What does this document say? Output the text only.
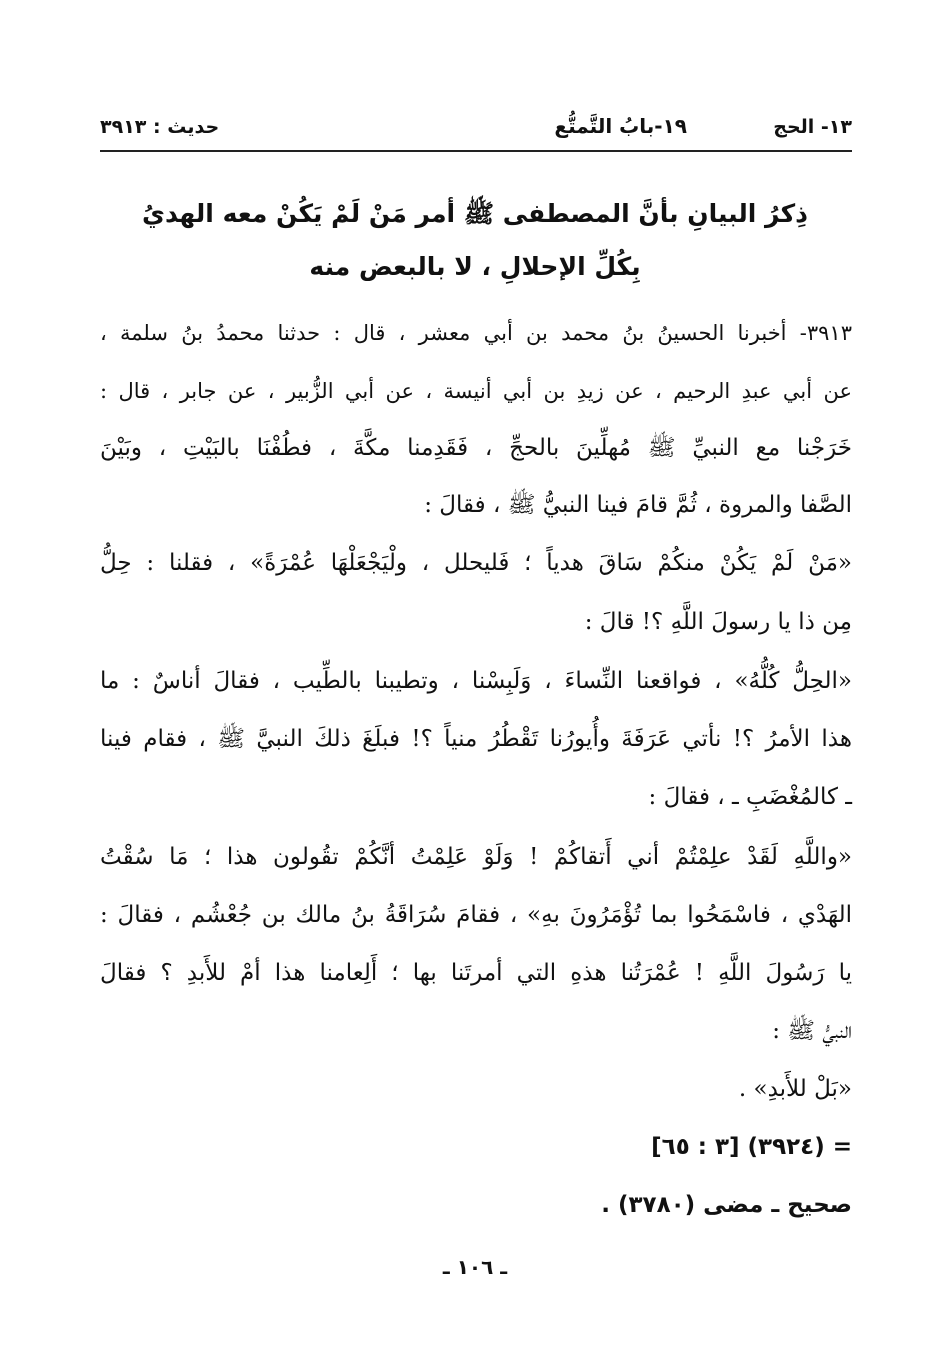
١٣- الحج
١٩-بابُ التَّمتُّع
حديث : ٣٩١٣
ذِكرُ البيانِ بأنَّ المصطفى ﷺ أمر مَنْ لَمْ يَكُنْ معه الهديُ
بِكُلِّ الإحلالِ ، لا بالبعض منه
٣٩١٣- أخبرنا الحسينُ بنُ محمد بن أبي معشر ، قال : حدثنا محمدُ بنُ سلمة ،
عن أبي عبدِ الرحيم ، عن زيدِ بن أبي أنيسة ، عن أبي الزُّبير ، عن جابر ، قال :
خَرَجْنا مع النبيِّ ﷺ مُهلِّينَ بالحجِّ ، فَقَدِمنا مكَّةَ ، فطُفْنَا بالبَيْتِ ، وبَيْنَ
الصَّفا والمروة ، ثُمَّ قامَ فينا النبيُّ ﷺ ، فقالَ :
«مَنْ لَمْ يَكُنْ منكُمْ سَاقَ هدياً ؛ فَليحلل ، ولْيَجْعَلْهَا عُمْرَةً» ، فقلنا : حِلُّ
مِن ذا يا رسولَ اللَّهِ ؟! قالَ :
«الحِلُّ كُلُّهُ» ، فواقعنا النِّساءَ ، وَلَبِسْنا ، وتطيبنا بالطِّيب ، فقالَ أناسٌ : ما
هذا الأمرُ ؟! نأتي عَرَفَةَ وأُيورُنا تَقْطُرُ منياً ؟! فبلَغَ ذلكَ النبيَّ ﷺ ، فقام فينا
ـ كالمُغْضَبِ ـ ، فقالَ :
«واللَّهِ لَقَدْ علِمْتُمْ أني أَتقاكُمْ ! وَلَوْ عَلِمْتُ أنَّكُمْ تقُولون هذا ؛ مَا سُقْتُ
الهَدْي ، فاسْمَحُوا بما تُؤْمَرُونَ بهِ» ، فقامَ سُرَاقَةُ بنُ مالك بن جُعْشُم ، فقالَ :
يا رَسُولَ اللَّهِ ! عُمْرَتُنا هذهِ التي أمرتَنا بها ؛ أَلِعامنا هذا أمْ للأَبدِ ؟ فقالَ
النبيُّ ﷺ :
«بَلْ للأَبدِ» .
= (٣٩٢٤) [٣ : ٦٥]
صحيح ـ مضى (٣٧٨٠) .
ـ ١٠٦ ـ
